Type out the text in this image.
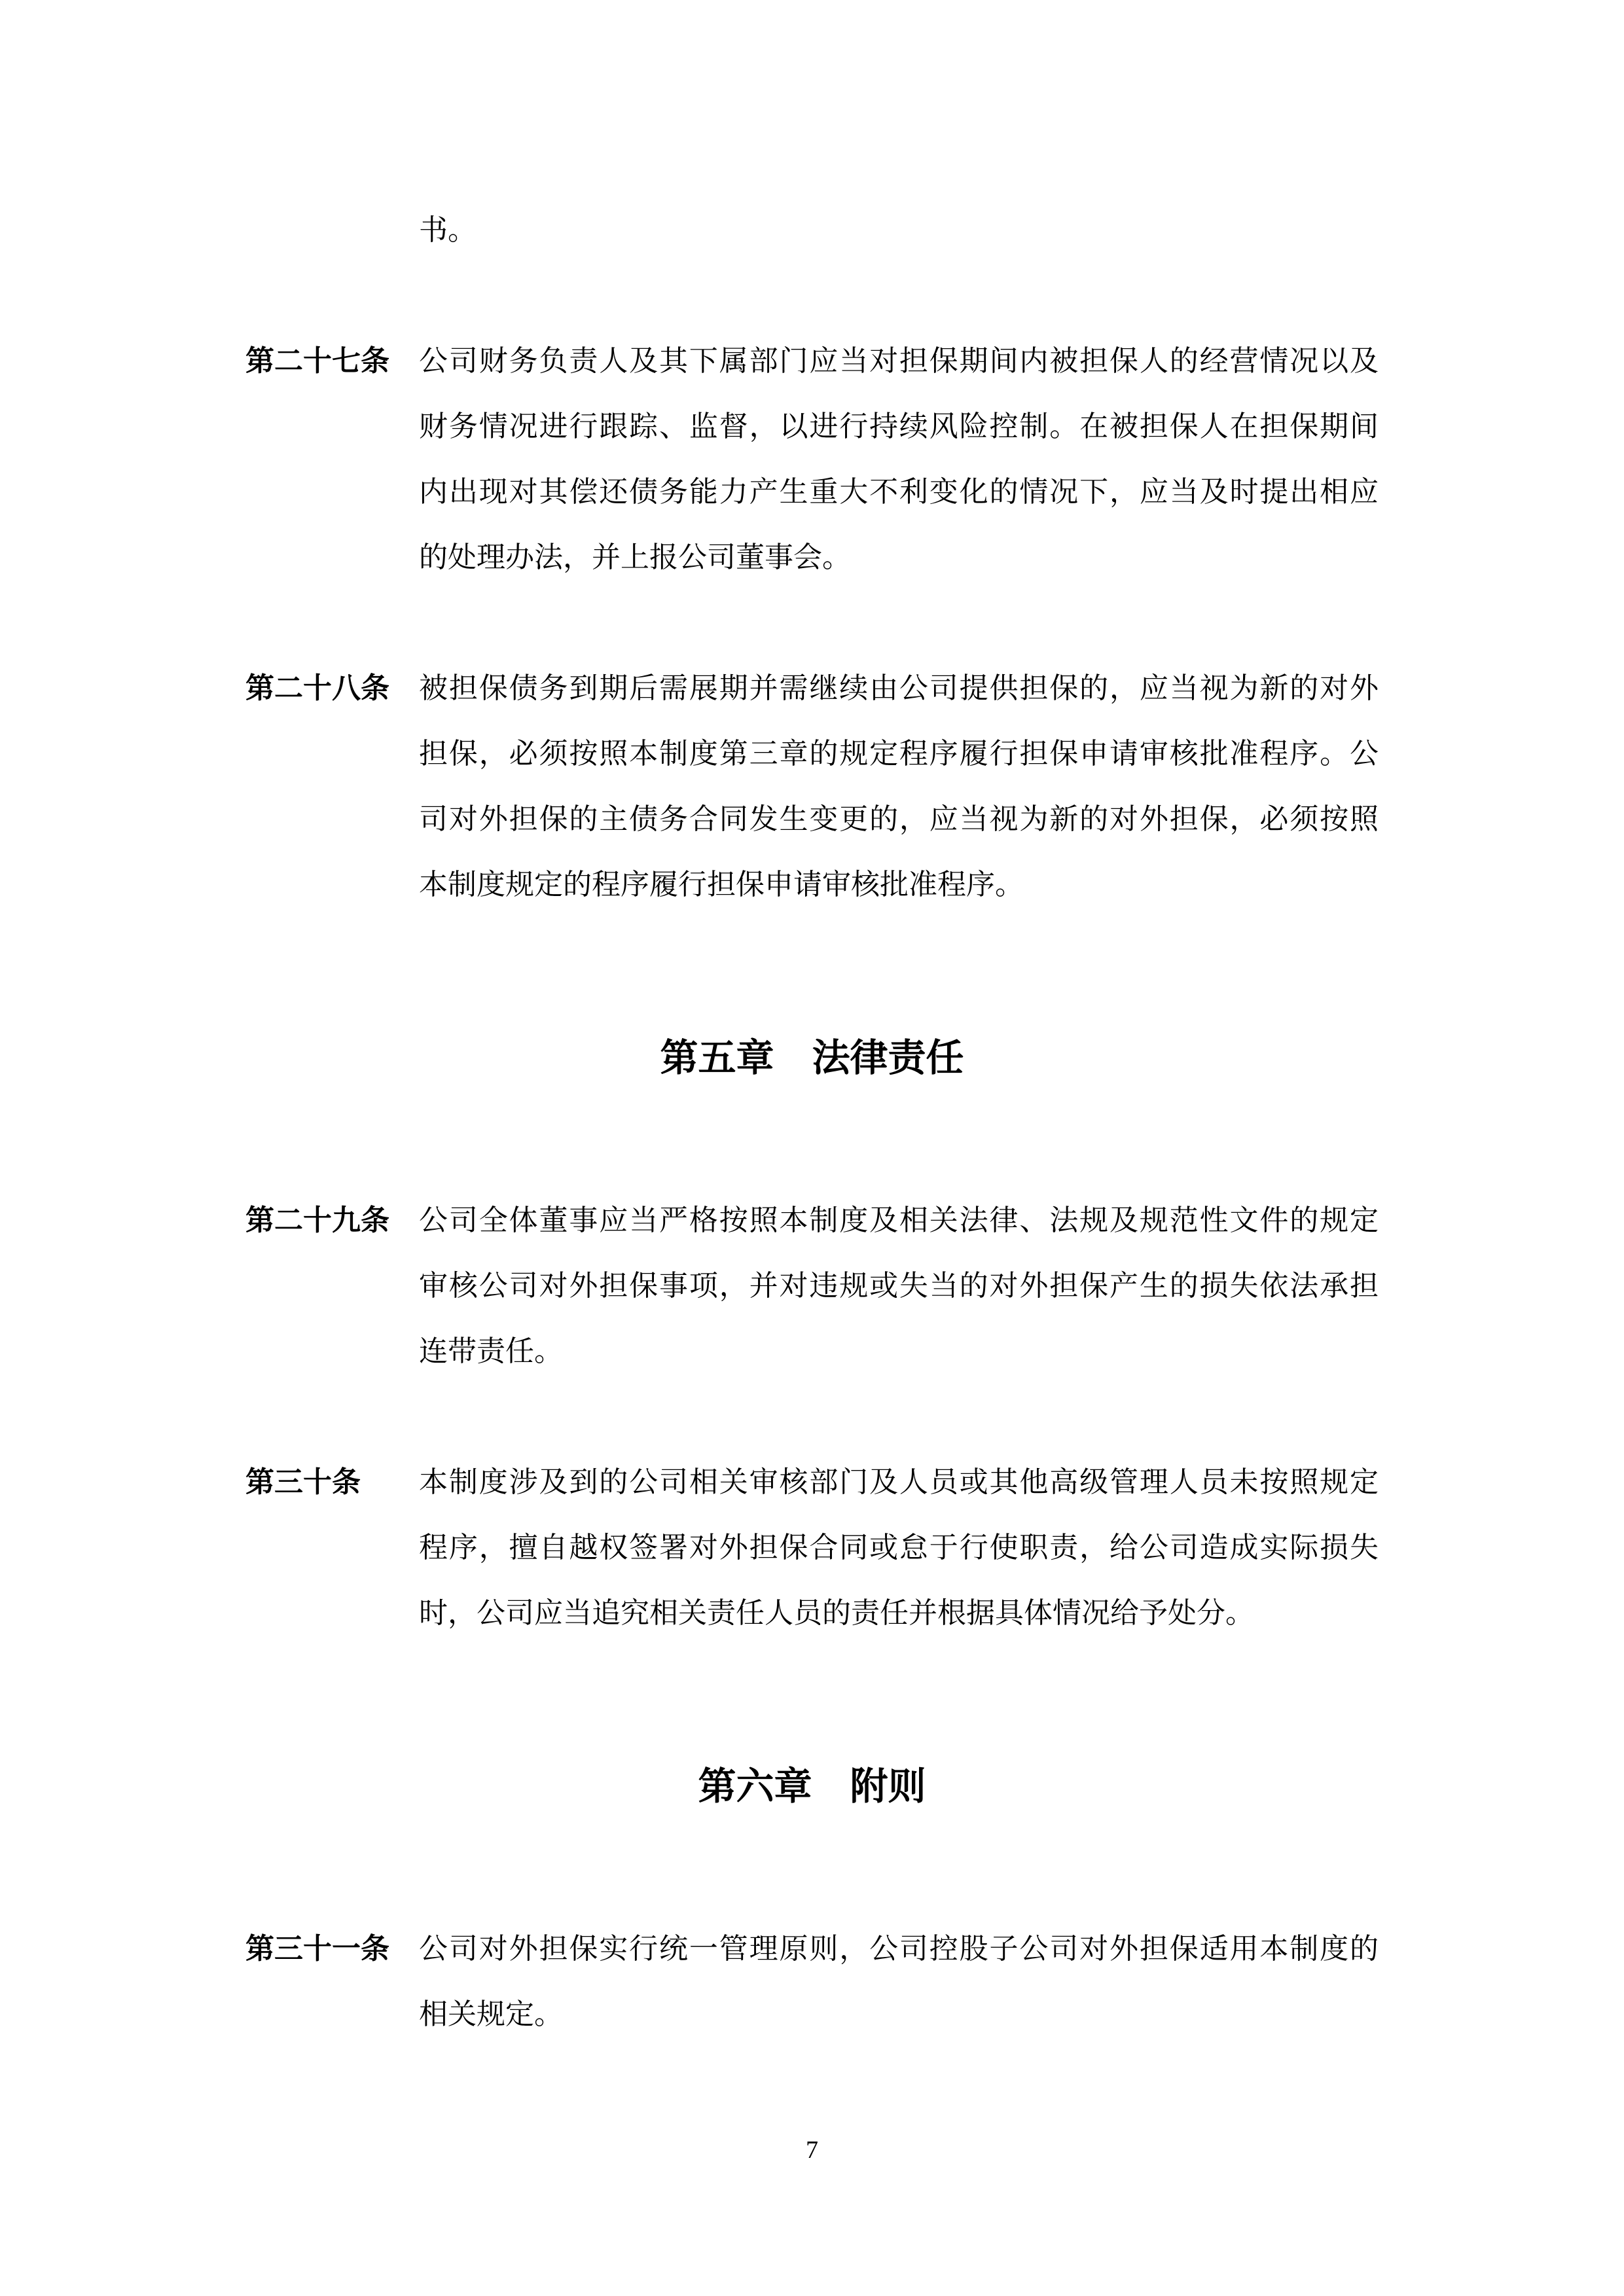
书。

第二十七条	公司财务负责人及其下属部门应当对担保期间内被担保人的经营情况以及
财务情况进行跟踪、监督，以进行持续风险控制。在被担保人在担保期间
内出现对其偿还债务能力产生重大不利变化的情况下，应当及时提出相应
的处理办法，并上报公司董事会。
第二十八条	被担保债务到期后需展期并需继续由公司提供担保的，应当视为新的对外
担保，必须按照本制度第三章的规定程序履行担保申请审核批准程序。公
司对外担保的主债务合同发生变更的，应当视为新的对外担保，必须按照
本制度规定的程序履行担保申请审核批准程序。
第五章　法律责任
第二十九条	公司全体董事应当严格按照本制度及相关法律、法规及规范性文件的规定
审核公司对外担保事项，并对违规或失当的对外担保产生的损失依法承担
连带责任。
第三十条	本制度涉及到的公司相关审核部门及人员或其他高级管理人员未按照规定
程序，擅自越权签署对外担保合同或怠于行使职责，给公司造成实际损失
时，公司应当追究相关责任人员的责任并根据具体情况给予处分。
第六章　附则
第三十一条	公司对外担保实行统一管理原则，公司控股子公司对外担保适用本制度的
相关规定。
7
